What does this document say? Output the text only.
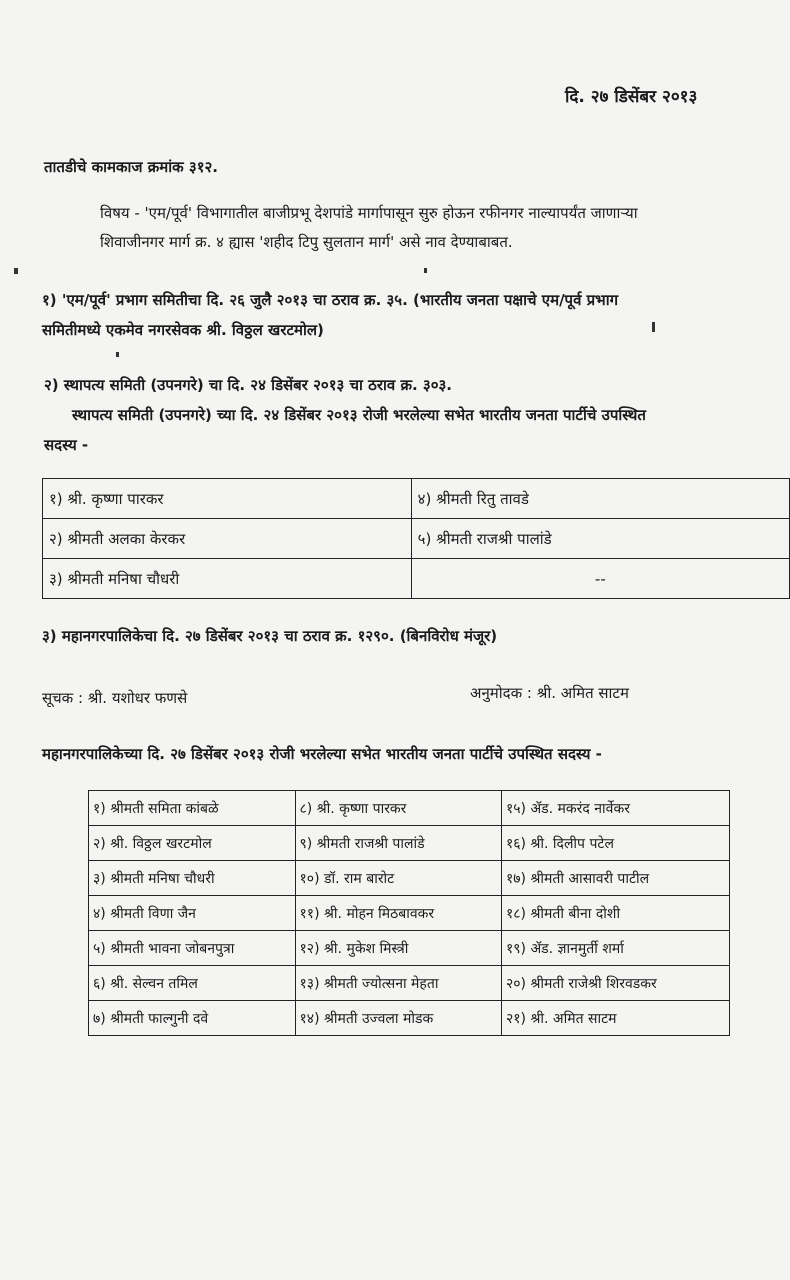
दि. २७ डिसेंबर २०१३
तातडीचे कामकाज क्रमांक ३१२.
विषय - 'एम/पूर्व' विभागातील बाजीप्रभू देशपांडे मार्गापासून सुरु होऊन रफीनगर नाल्यापर्यंत जाणाऱ्या
शिवाजीनगर मार्ग क्र. ४ ह्यास 'शहीद टिपु सुलतान मार्ग' असे नाव देण्याबाबत.
१) 'एम/पूर्व' प्रभाग समितीचा दि. २६ जुलै २०१३ चा ठराव क्र. ३५. (भारतीय जनता पक्षाचे एम/पूर्व प्रभाग
समितीमध्ये एकमेव नगरसेवक श्री. विठ्ठल खरटमोल)
२) स्थापत्य समिती (उपनगरे) चा दि. २४ डिसेंबर २०१३ चा ठराव क्र. ३०३.
स्थापत्य समिती (उपनगरे) च्या दि. २४ डिसेंबर २०१३ रोजी भरलेल्या सभेत भारतीय जनता पार्टीचे उपस्थित
सदस्य -
१) श्री. कृष्णा पारकर	४) श्रीमती रितु तावडे
२) श्रीमती अलका केरकर	५) श्रीमती राजश्री पालांडे
३) श्रीमती मनिषा चौधरी	--
३) महानगरपालिकेचा दि. २७ डिसेंबर २०१३ चा ठराव क्र. १२९०. (बिनविरोध मंजूर)
सूचक : श्री. यशोधर फणसे	अनुमोदक : श्री. अमित साटम
महानगरपालिकेच्या दि. २७ डिसेंबर २०१३ रोजी भरलेल्या सभेत भारतीय जनता पार्टीचे उपस्थित सदस्य -
१) श्रीमती समिता कांबळे	८) श्री. कृष्णा पारकर	१५) ॲड. मकरंद नार्वेकर
२) श्री. विठ्ठल खरटमोल	९) श्रीमती राजश्री पालांडे	१६) श्री. दिलीप पटेल
३) श्रीमती मनिषा चौधरी	१०) डॉ. राम बारोट	१७) श्रीमती आसावरी पाटील
४) श्रीमती विणा जैन	११) श्री. मोहन मिठबावकर	१८) श्रीमती बीना दोशी
५) श्रीमती भावना जोबनपुत्रा	१२) श्री. मुकेश मिस्त्री	१९) ॲड. ज्ञानमुर्ती शर्मा
६) श्री. सेल्वन तमिल	१३) श्रीमती ज्योत्सना मेहता	२०) श्रीमती राजेश्री शिरवडकर
७) श्रीमती फाल्गुनी दवे	१४) श्रीमती उज्वला मोडक	२१) श्री. अमित साटम
